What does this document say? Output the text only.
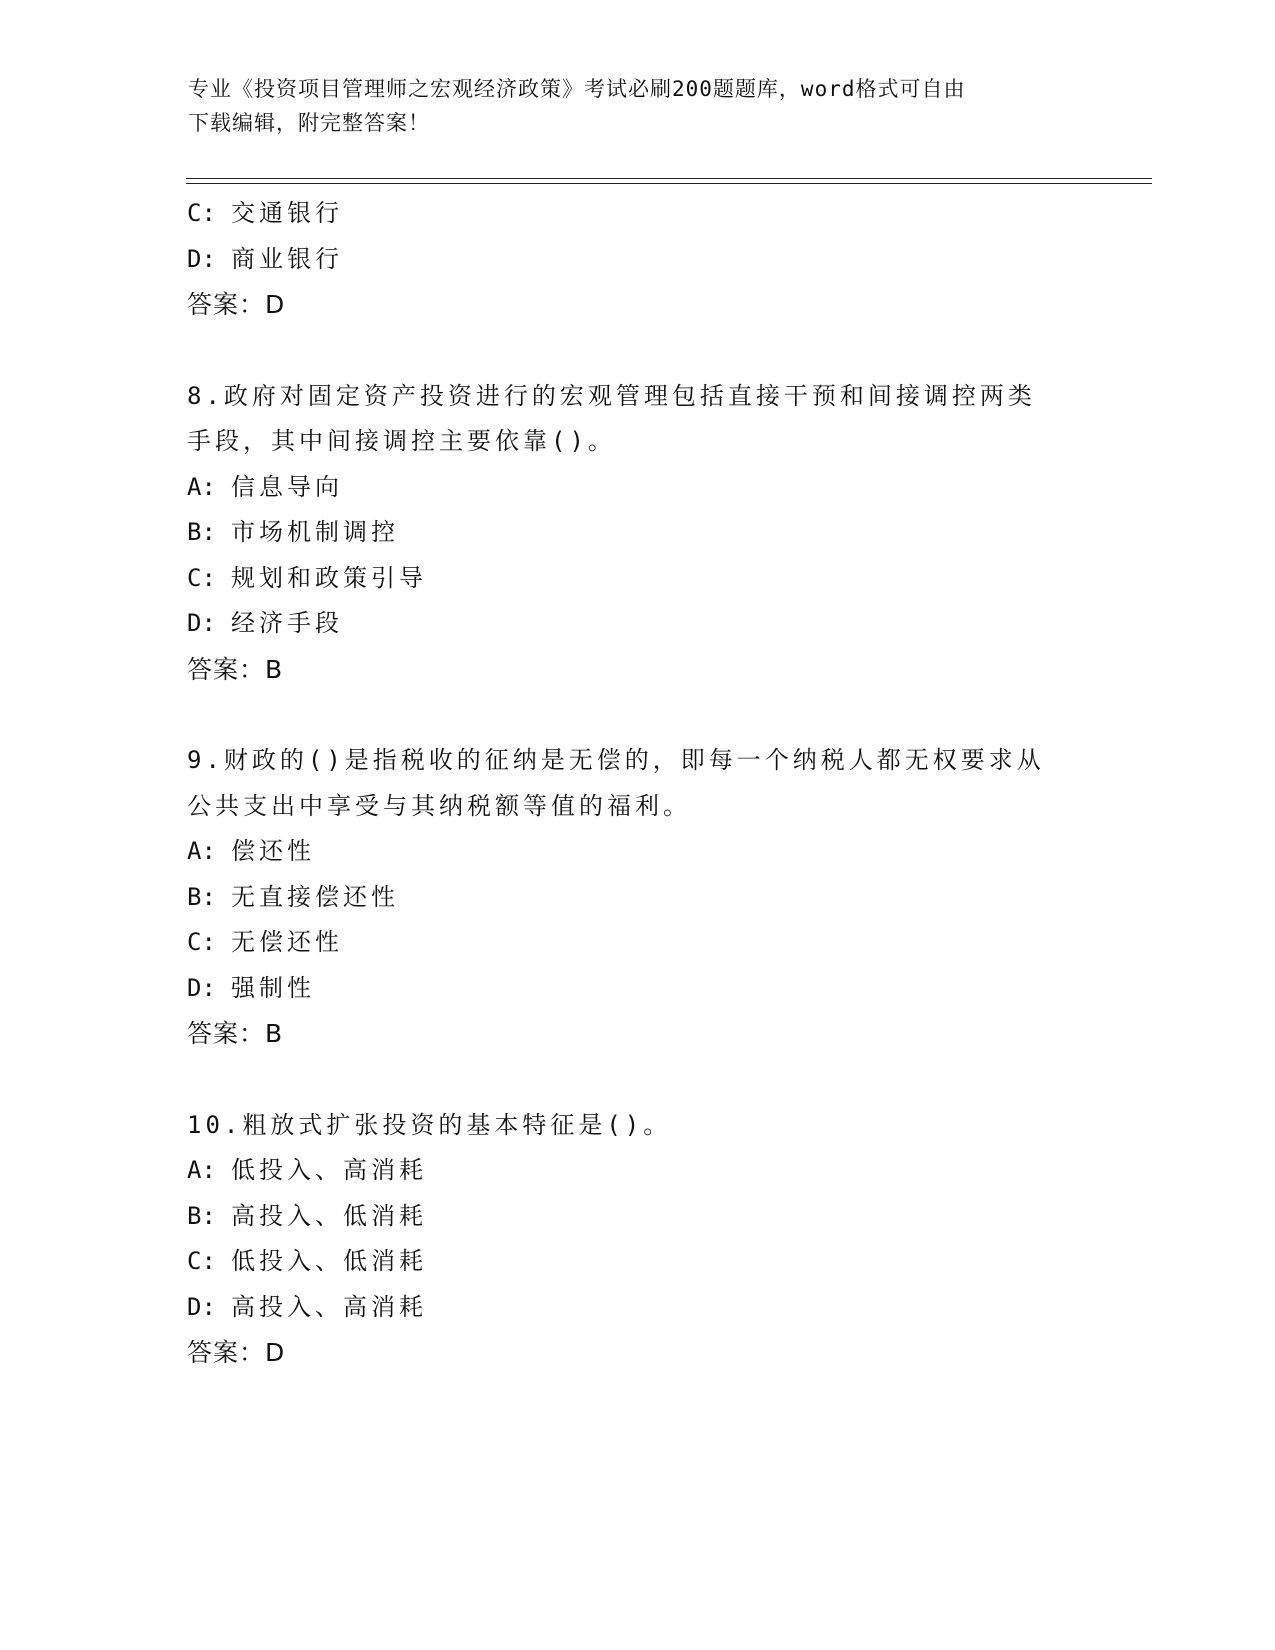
专业《投资项目管理师之宏观经济政策》考试必刷200题题库，word格式可自由
下载编辑，附完整答案！
C: 交通银行
D: 商业银行
答案：D
8.政府对固定资产投资进行的宏观管理包括直接干预和间接调控两类
手段，其中间接调控主要依靠()。
A: 信息导向
B: 市场机制调控
C: 规划和政策引导
D: 经济手段
答案：B
9.财政的()是指税收的征纳是无偿的，即每一个纳税人都无权要求从
公共支出中享受与其纳税额等值的福利。
A: 偿还性
B: 无直接偿还性
C: 无偿还性
D: 强制性
答案：B
10.粗放式扩张投资的基本特征是()。
A: 低投入、高消耗
B: 高投入、低消耗
C: 低投入、低消耗
D: 高投入、高消耗
答案：D
